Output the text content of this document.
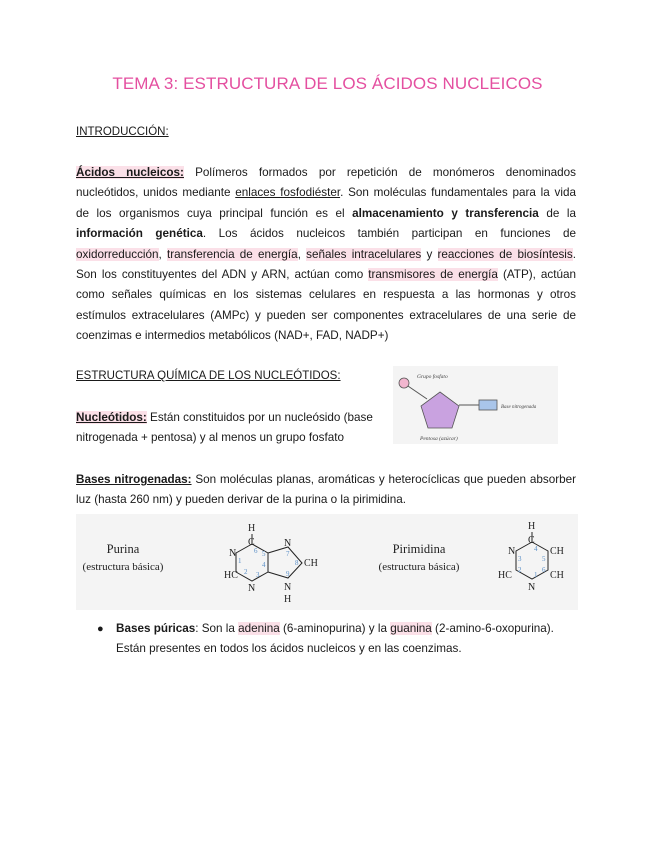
TEMA 3: ESTRUCTURA DE LOS ÁCIDOS NUCLEICOS
INTRODUCCIÓN:
Ácidos nucleicos: Polímeros formados por repetición de monómeros denominados nucleótidos, unidos mediante enlaces fosfodiéster. Son moléculas fundamentales para la vida de los organismos cuya principal función es el almacenamiento y transferencia de la información genética. Los ácidos nucleicos también participan en funciones de oxidorreducción, transferencia de energía, señales intracelulares y reacciones de biosíntesis. Son los constituyentes del ADN y ARN, actúan como transmisores de energía (ATP), actúan como señales químicas en los sistemas celulares en respuesta a las hormonas y otros estímulos extracelulares (AMPc) y pueden ser componentes extracelulares de una serie de coenzimas e intermedios metabólicos (NAD+, FAD, NADP+)
ESTRUCTURA QUÍMICA DE LOS NUCLEÓTIDOS:
Nucleótidos: Están constituidos por un nucleósido (base nitrogenada + pentosa) y al menos un grupo fosfato
Grupo fosfato
Base nitrogenada
Pentosa (azúcar)
Bases nitrogenadas: Son moléculas planas, aromáticas y heterocíclicas que pueden absorber luz (hasta 260 nm) y pueden derivar de la purina o la pirimidina.
Purina
(estructura básica)
H
C
N
HC
N
N
CH
N
H
6
1
2 3
4
5	7
8
9
Pirimidina
(estructura básica)
H
C
N	CH
HC	CH
N
4
3	5
2	6
1
● Bases púricas: Son la adenina (6-aminopurina) y la guanina (2-amino-6-oxopurina). Están presentes en todos los ácidos nucleicos y en las coenzimas.
